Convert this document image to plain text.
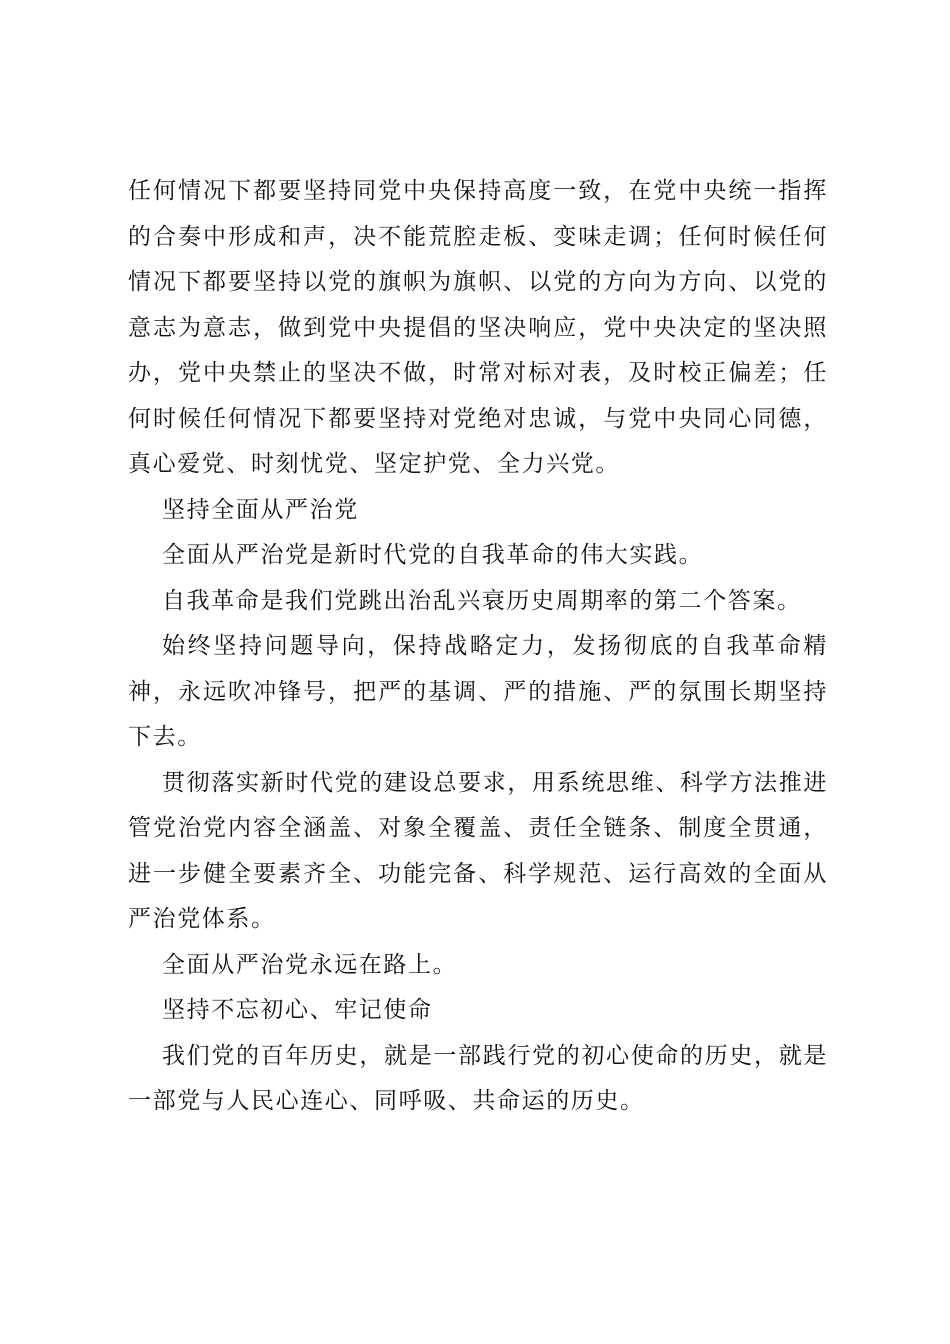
任何情况下都要坚持同党中央保持高度一致，在党中央统一指挥的合奏中形成和声，决不能荒腔走板、变味走调；任何时候任何情况下都要坚持以党的旗帜为旗帜、以党的方向为方向、以党的意志为意志，做到党中央提倡的坚决响应，党中央决定的坚决照办，党中央禁止的坚决不做，时常对标对表，及时校正偏差；任何时候任何情况下都要坚持对党绝对忠诚，与党中央同心同德，真心爱党、时刻忧党、坚定护党、全力兴党。

坚持全面从严治党

全面从严治党是新时代党的自我革命的伟大实践。

自我革命是我们党跳出治乱兴衰历史周期率的第二个答案。

始终坚持问题导向，保持战略定力，发扬彻底的自我革命精神，永远吹冲锋号，把严的基调、严的措施、严的氛围长期坚持下去。

贯彻落实新时代党的建设总要求，用系统思维、科学方法推进管党治党内容全涵盖、对象全覆盖、责任全链条、制度全贯通，进一步健全要素齐全、功能完备、科学规范、运行高效的全面从严治党体系。

全面从严治党永远在路上。

坚持不忘初心、牢记使命

我们党的百年历史，就是一部践行党的初心使命的历史，就是一部党与人民心连心、同呼吸、共命运的历史。
